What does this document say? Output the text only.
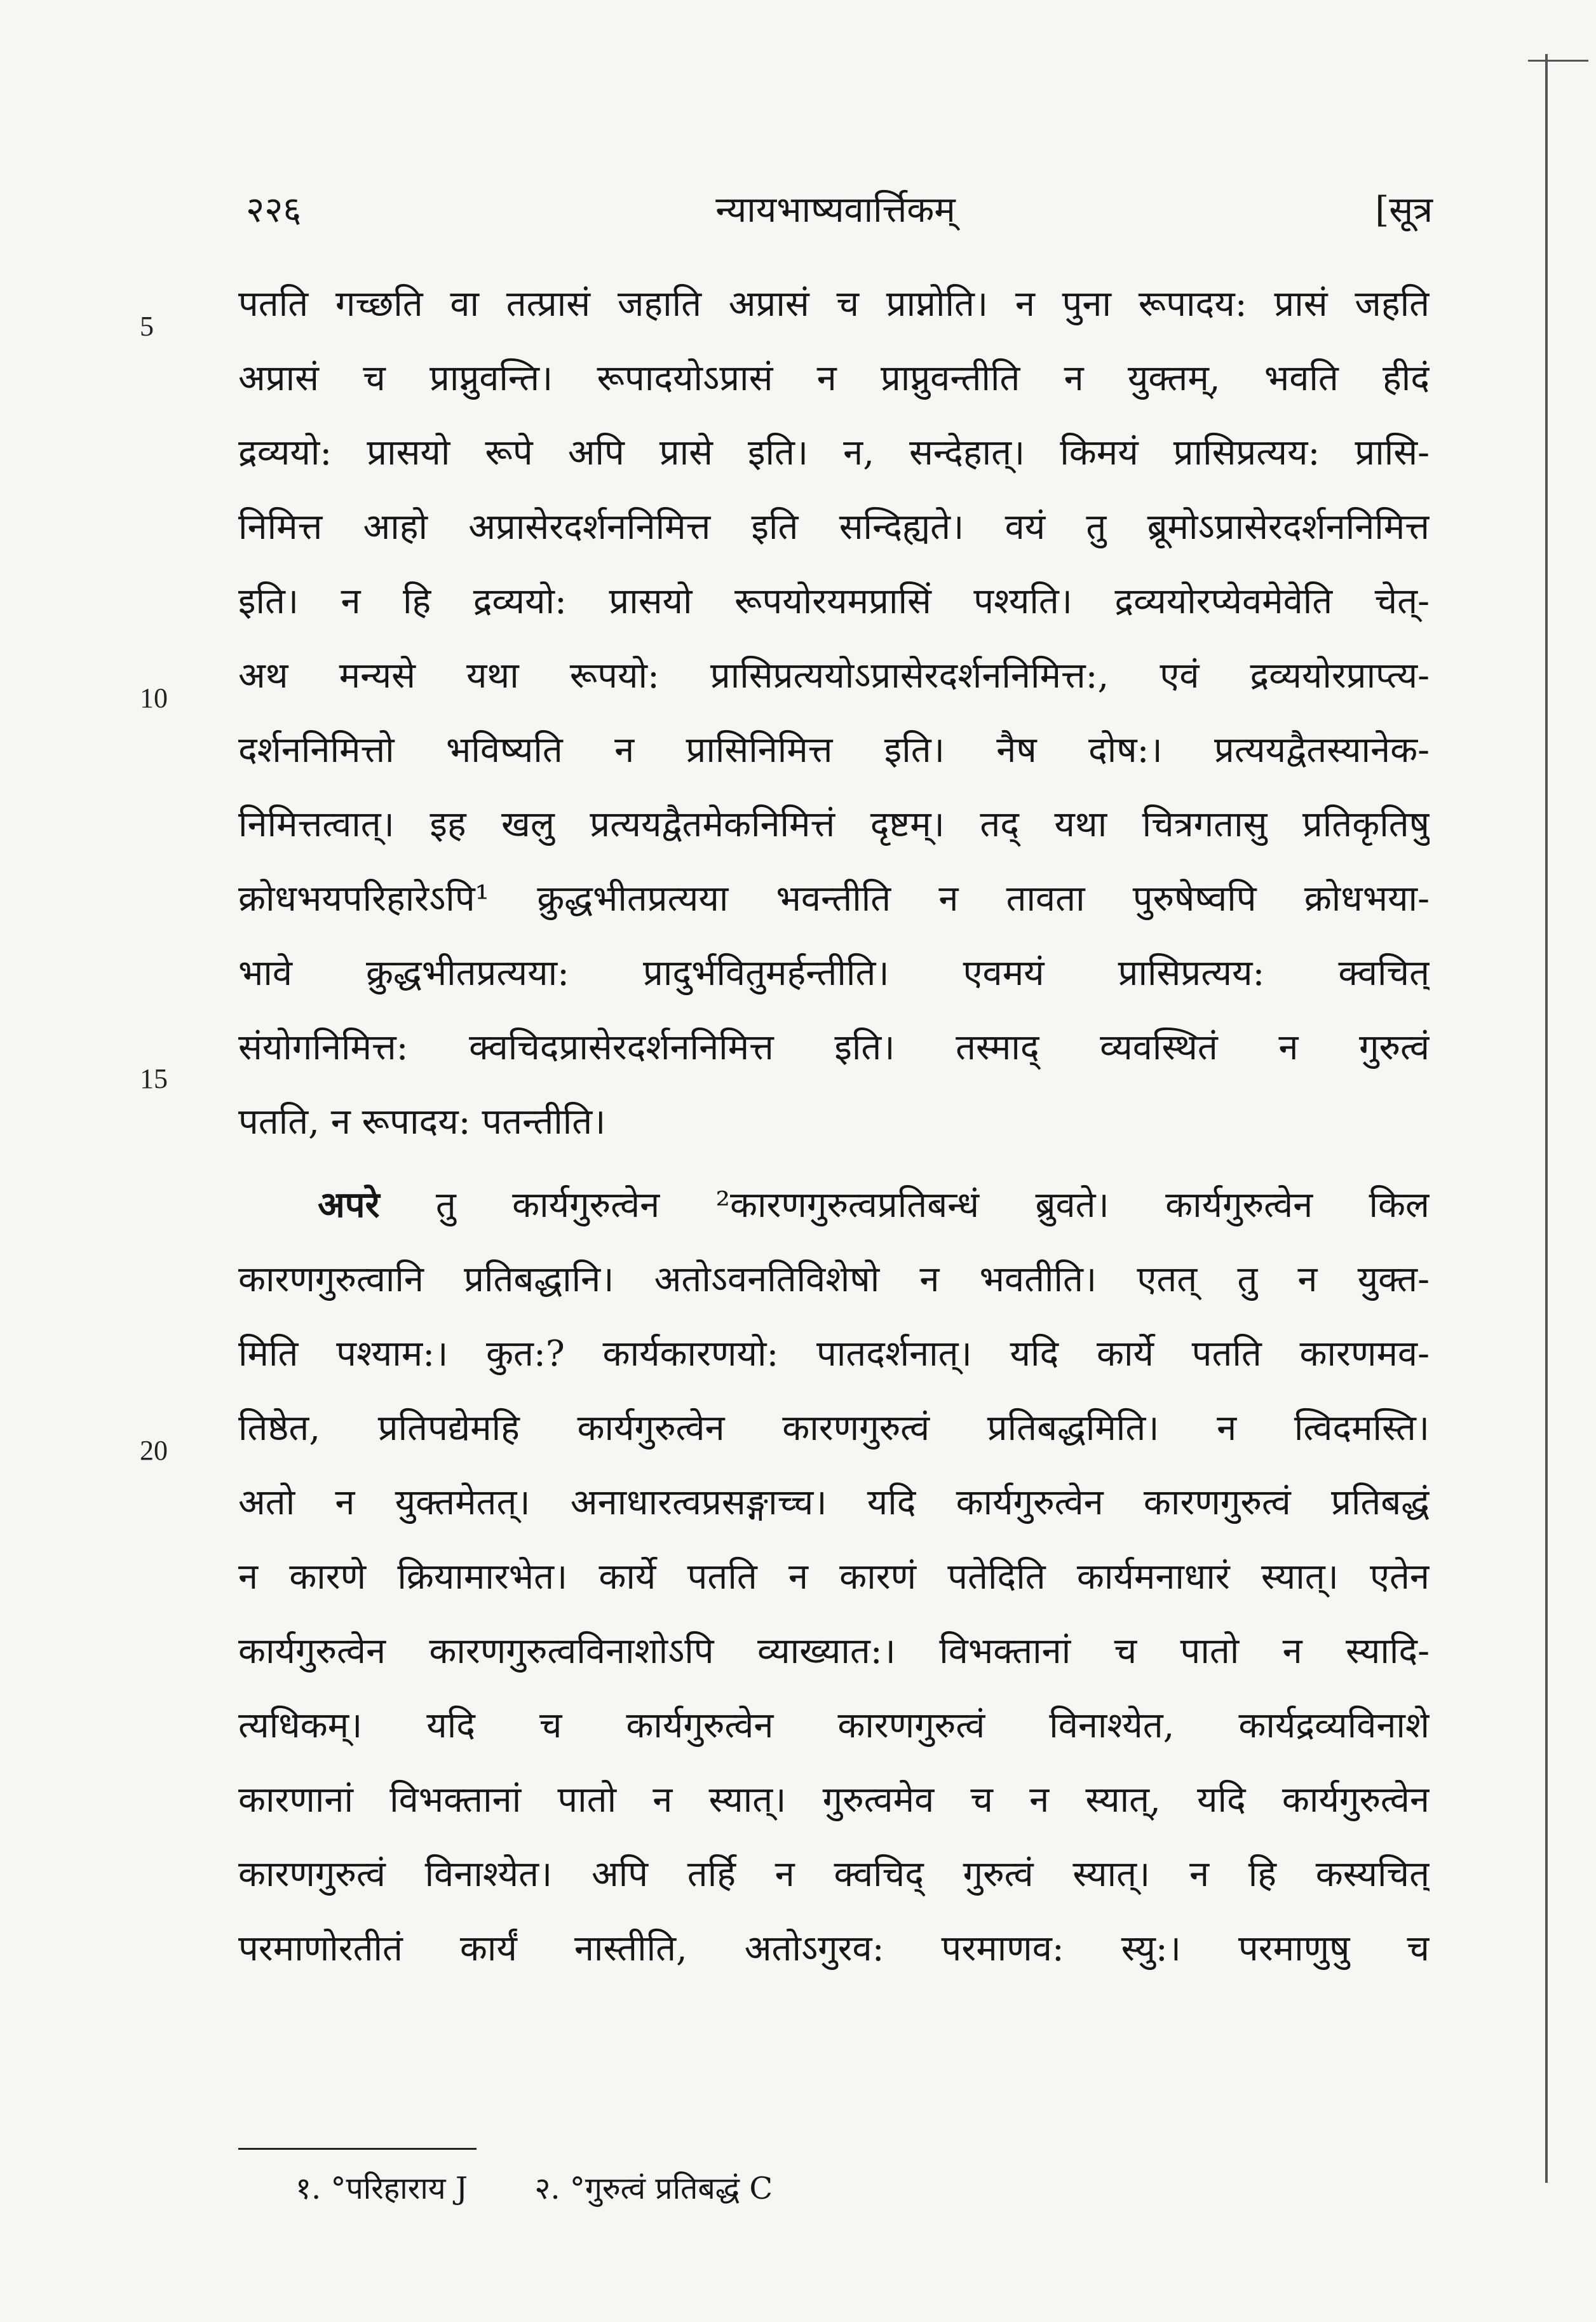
२२६	न्यायभाष्यवार्त्तिकम्	[सूत्र
5
10
15
20
पतति गच्छति वा तत्प्रासं जहाति अप्रासं च प्राप्नोति। न पुना रूपादय: प्रासं जहति
अप्रासं च प्राप्नुवन्ति। रूपादयोऽप्रासं न प्राप्नुवन्तीति न युक्तम्, भवति हीदं
द्रव्ययो: प्रासयो रूपे अपि प्रासे इति। न, सन्देहात्। किमयं प्रासिप्रत्यय: प्रासि-
निमित्त आहो अप्रासेरदर्शननिमित्त इति सन्दिह्यते। वयं तु ब्रूमोऽप्रासेरदर्शननिमित्त
इति। न हि द्रव्ययो: प्रासयो रूपयोरयमप्रासिं पश्यति। द्रव्ययोरप्येवमेवेति चेत्-
अथ मन्यसे यथा रूपयो: प्रासिप्रत्ययोऽप्रासेरदर्शननिमित्त:, एवं द्रव्ययोरप्राप्त्य-
दर्शननिमित्तो भविष्यति न प्रासिनिमित्त इति। नैष दोष:। प्रत्ययद्वैतस्यानेक-
निमित्तत्वात्। इह खलु प्रत्ययद्वैतमेकनिमित्तं दृष्टम्। तद् यथा चित्रगतासु प्रतिकृतिषु
क्रोधभयपरिहारेऽपि¹ क्रुद्धभीतप्रत्यया भवन्तीति न तावता पुरुषेष्वपि क्रोधभया-
भावे क्रुद्धभीतप्रत्यया: प्रादुर्भवितुमर्हन्तीति। एवमयं प्रासिप्रत्यय: क्वचित्
संयोगनिमित्त: क्वचिदप्रासेरदर्शननिमित्त इति। तस्माद् व्यवस्थितं न गुरुत्वं
पतति, न रूपादय: पतन्तीति।
अपरे तु कार्यगुरुत्वेन ²कारणगुरुत्वप्रतिबन्धं ब्रुवते। कार्यगुरुत्वेन किल
कारणगुरुत्वानि प्रतिबद्धानि। अतोऽवनतिविशेषो न भवतीति। एतत् तु न युक्त-
मिति पश्याम:। कुत:? कार्यकारणयो: पातदर्शनात्। यदि कार्ये पतति कारणमव-
तिष्ठेत, प्रतिपद्येमहि कार्यगुरुत्वेन कारणगुरुत्वं प्रतिबद्धमिति। न त्विदमस्ति।
अतो न युक्तमेतत्। अनाधारत्वप्रसङ्गाच्च। यदि कार्यगुरुत्वेन कारणगुरुत्वं प्रतिबद्धं
न कारणे क्रियामारभेत। कार्ये पतति न कारणं पतेदिति कार्यमनाधारं स्यात्। एतेन
कार्यगुरुत्वेन कारणगुरुत्वविनाशोऽपि व्याख्यात:। विभक्तानां च पातो न स्यादि-
त्यधिकम्। यदि च कार्यगुरुत्वेन कारणगुरुत्वं विनाश्येत, कार्यद्रव्यविनाशे
कारणानां विभक्तानां पातो न स्यात्। गुरुत्वमेव च न स्यात्, यदि कार्यगुरुत्वेन
कारणगुरुत्वं विनाश्येत। अपि तर्हि न क्वचिद् गुरुत्वं स्यात्। न हि कस्यचित्
परमाणोरतीतं कार्यं नास्तीति, अतोऽगुरव: परमाणव: स्यु:। परमाणुषु च
१. °परिहाराय J २. °गुरुत्वं प्रतिबद्धं C
